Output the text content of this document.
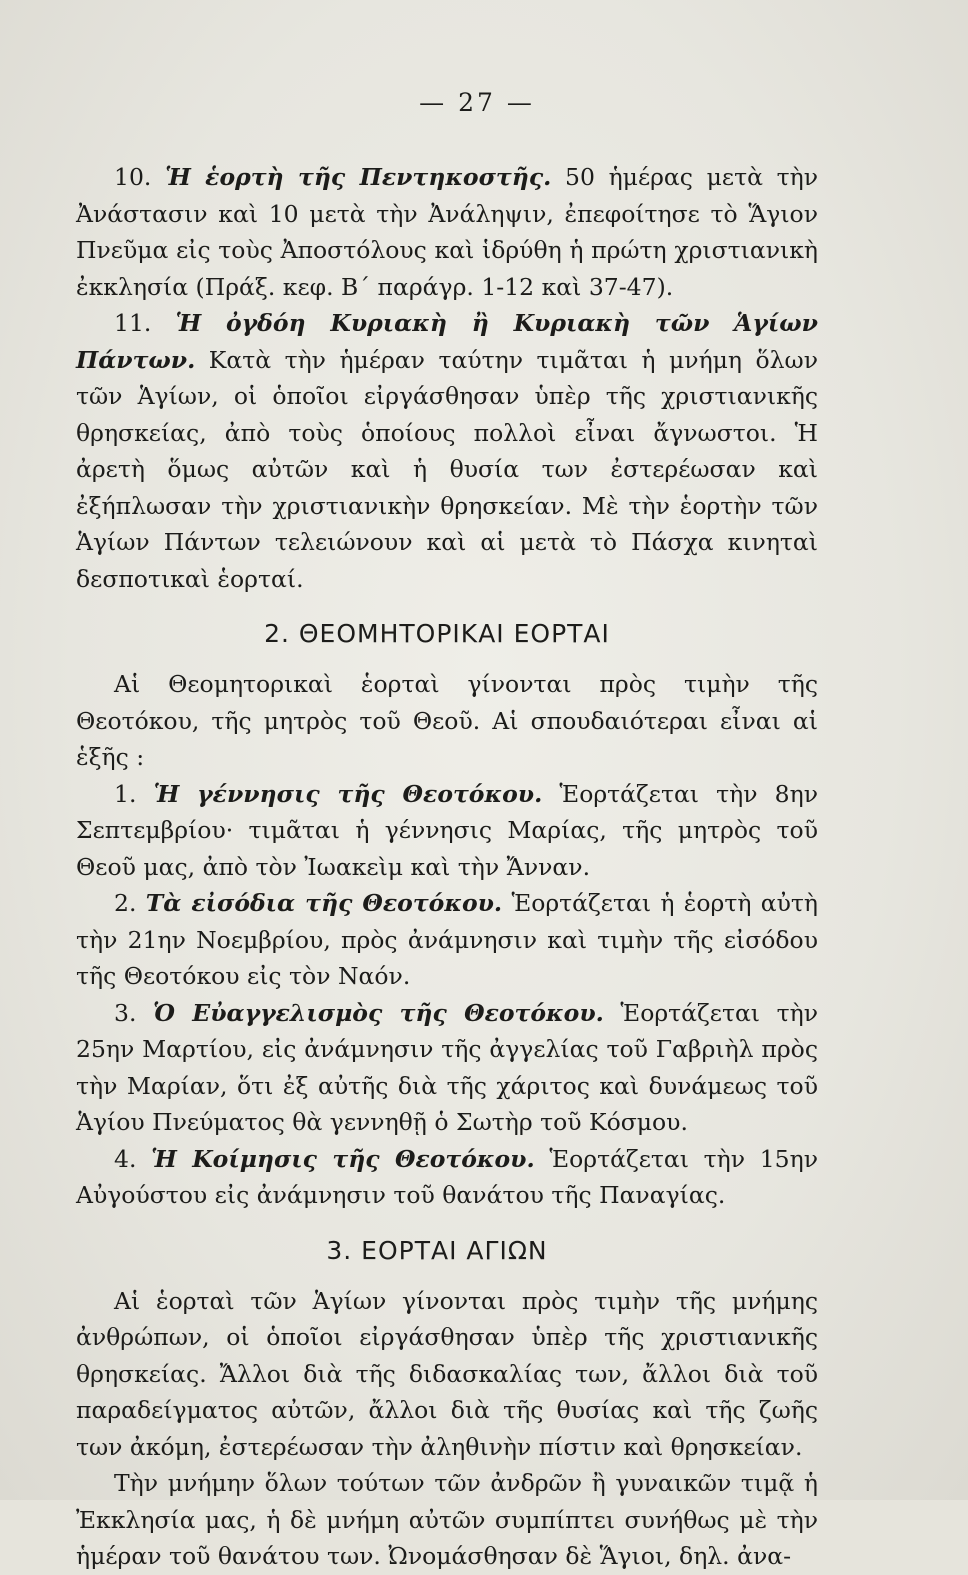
— 27 —

10. Ἡ ἑορτὴ τῆς Πεντηκοστῆς. 50 ἡμέρας μετὰ τὴν Ἀνάστασιν καὶ 10 μετὰ τὴν Ἀνάληψιν, ἐπεφοίτησε τὸ Ἅγιον Πνεῦμα εἰς τοὺς Ἀποστόλους καὶ ἱδρύθη ἡ πρώτη χριστιανικὴ ἐκκλησία (Πράξ. κεφ. Β΄ παράγρ. 1-12 καὶ 37-47).

11. Ἡ ὀγδόη Κυριακὴ ἢ Κυριακὴ τῶν Ἁγίων Πάντων. Κατὰ τὴν ἡμέραν ταύτην τιμᾶται ἡ μνήμη ὅλων τῶν Ἁγίων, οἱ ὁποῖοι εἰργάσθησαν ὑπὲρ τῆς χριστιανικῆς θρησκείας, ἀπὸ τοὺς ὁποίους πολλοὶ εἶναι ἄγνωστοι. Ἡ ἀρετὴ ὅμως αὐτῶν καὶ ἡ θυσία των ἐστερέωσαν καὶ ἐξήπλωσαν τὴν χριστιανικὴν θρησκείαν. Μὲ τὴν ἑορτὴν τῶν Ἁγίων Πάντων τελειώνουν καὶ αἱ μετὰ τὸ Πάσχα κινηταὶ δεσποτικαὶ ἑορταί.

2. ΘΕΟΜΗΤΟΡΙΚΑΙ ΕΟΡΤΑΙ

Αἱ Θεομητορικαὶ ἑορταὶ γίνονται πρὸς τιμὴν τῆς Θεοτόκου, τῆς μητρὸς τοῦ Θεοῦ. Αἱ σπουδαιότεραι εἶναι αἱ ἑξῆς :

1. Ἡ γέννησις τῆς Θεοτόκου. Ἑορτάζεται τὴν 8ην Σεπτεμβρίου· τιμᾶται ἡ γέννησις Μαρίας, τῆς μητρὸς τοῦ Θεοῦ μας, ἀπὸ τὸν Ἰωακεὶμ καὶ τὴν Ἄνναν.

2. Τὰ εἰσόδια τῆς Θεοτόκου. Ἑορτάζεται ἡ ἑορτὴ αὐτὴ τὴν 21ην Νοεμβρίου, πρὸς ἀνάμνησιν καὶ τιμὴν τῆς εἰσόδου τῆς Θεοτόκου εἰς τὸν Ναόν.

3. Ὁ Εὐαγγελισμὸς τῆς Θεοτόκου. Ἑορτάζεται τὴν 25ην Μαρτίου, εἰς ἀνάμνησιν τῆς ἀγγελίας τοῦ Γαβριὴλ πρὸς τὴν Μαρίαν, ὅτι ἐξ αὐτῆς διὰ τῆς χάριτος καὶ δυνάμεως τοῦ Ἁγίου Πνεύματος θὰ γεννηθῇ ὁ Σωτὴρ τοῦ Κόσμου.

4. Ἡ Κοίμησις τῆς Θεοτόκου. Ἑορτάζεται τὴν 15ην Αὐγούστου εἰς ἀνάμνησιν τοῦ θανάτου τῆς Παναγίας.

3. ΕΟΡΤΑΙ ΑΓΙΩΝ

Αἱ ἑορταὶ τῶν Ἁγίων γίνονται πρὸς τιμὴν τῆς μνήμης ἀνθρώπων, οἱ ὁποῖοι εἰργάσθησαν ὑπὲρ τῆς χριστιανικῆς θρησκείας. Ἄλλοι διὰ τῆς διδασκαλίας των, ἄλλοι διὰ τοῦ παραδείγματος αὐτῶν, ἄλλοι διὰ τῆς θυσίας καὶ τῆς ζωῆς των ἀκόμη, ἐστερέωσαν τὴν ἀληθινὴν πίστιν καὶ θρησκείαν.

Τὴν μνήμην ὅλων τούτων τῶν ἀνδρῶν ἢ γυναικῶν τιμᾷ ἡ Ἐκκλησία μας, ἡ δὲ μνήμη αὐτῶν συμπίπτει συνήθως μὲ τὴν ἡμέραν τοῦ θανάτου των. Ὠνομάσθησαν δὲ Ἅγιοι, δηλ. ἀνα-
